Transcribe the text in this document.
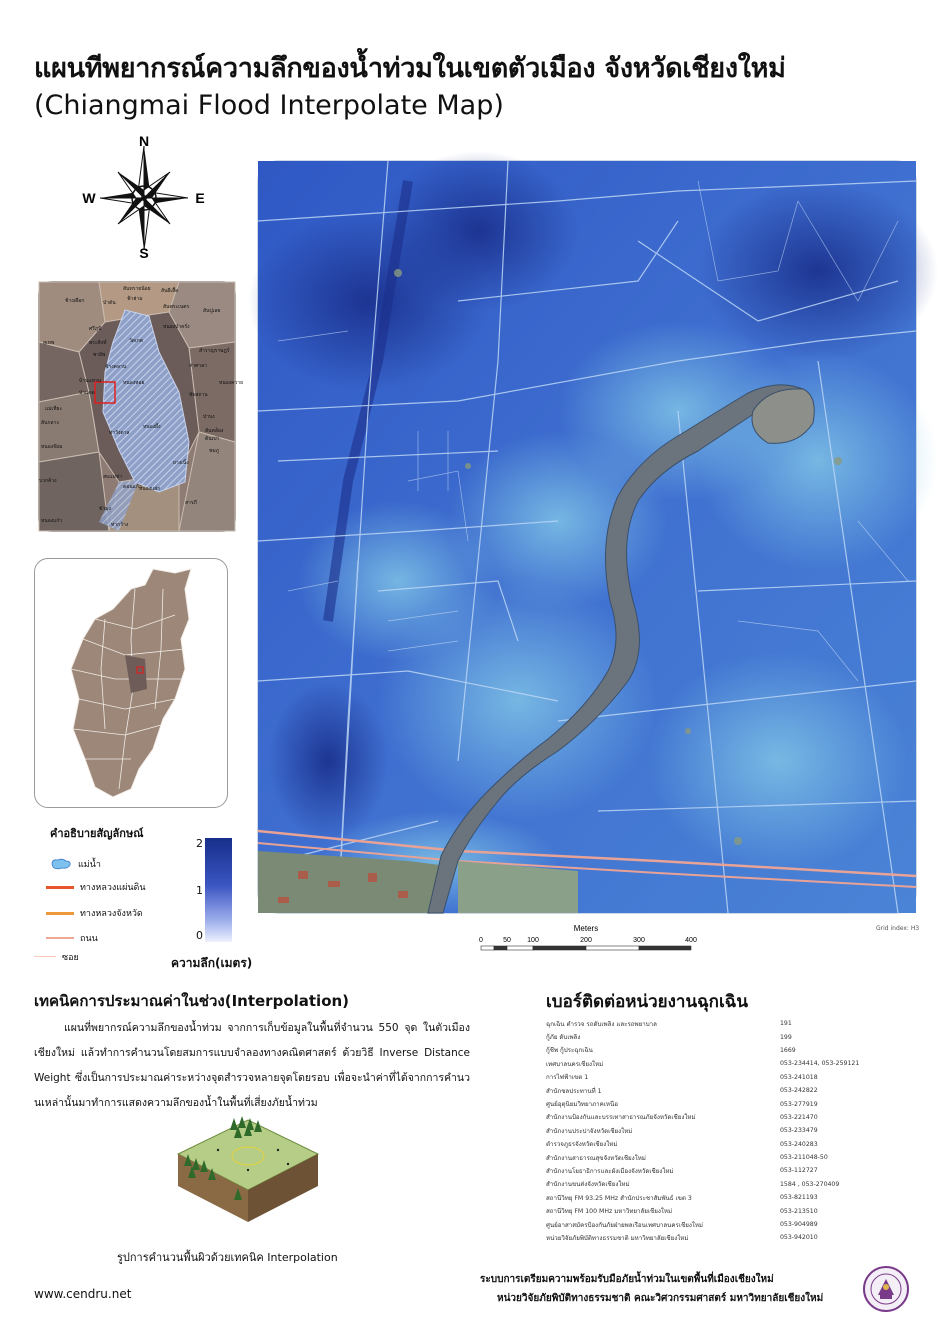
แผนทีพยากรณ์ความลึกของน้ำท่วมในเขตตัวเมือง จังหวัดเชียงใหม่
(Chiangmai Flood Interpolate Map)
N
S
E
W
ช้างเผือก	ป่าตัน
สันทรายน้อย
สันพระเนตร
สันปูเลย
ศรีภูมิ
วัดเกต
สันผีเสื้อ
ฟ้าฮ่าม
สุเทพ	พระสิงห์
หนองป่าครั่ง
ท่าศาลา
สำราญราษฎร์
ช้างคลาน
พายัพ
หนองหอย
ชัยสถาน
ป่าแดด
บ้านแหวน	หนองควาย
ท่าวังตาล
หนองผึ้ง
แม่เหียะ
สันกลาง
ยางเนิ้ง
ป่าบง
หนองจ๊อม
ขัวมุง
ชมภู
สารภี
สบแม่ข่า
ดอนแก้ว
หนองแฝก
หนองแก๋ว
ท่ากว้าง
สันคล้อง
ต้นเปา
บวกค้าง
คำอธิบายสัญลักษณ์
แม่น้ำ
ทางหลวงแผ่นดิน
ทางหลวงจังหวัด
ถนน
ซอย
2
1
0
ความลึก(เมตร)
Meters
0	50 100	200	300	400
Grid index: H3
เทคนิคการประมาณค่าในช่วง(Interpolation)
แผนที่พยากรณ์ความลึกของน้ำท่วม จากการเก็บข้อมูลในพื้นที่จำนวน 550 จุด ในตัวเมืองเชียงใหม่ แล้วทำการคำนวนโดยสมการแบบจำลองทางคณิตศาสตร์ ด้วยวิธี Inverse Distance Weight ซึ่งเป็นการประมาณค่าระหว่างจุดสำรวจหลายจุดโดยรอบ เพื่อจะนำค่าที่ได้จากการคำนวนเหล่านั้นมาทำการแสดงความลึกของน้ำในพื้นที่เสี่ยงภัยน้ำท่วม
รูปการคำนวนพื้นผิวด้วยเทคนิค Interpolation
เบอร์ติดต่อหน่วยงานฉุกเฉิน
ฉุกเฉิน ตำรวจ รถดับเพลิง และรถพยาบาล	191
กู้ภัย ดับเพลิง	199
กู้ชีพ กู้ประฉุกเฉิน	1669
เทศบาลนครเชียงใหม่	053-234414, 053-259121
การไฟฟ้าเขต 1	053-241018
สำนักชลประทานที่ 1	053-242822
ศูนย์อุตุนิยมวิทยาภาคเหนือ	053-277919
สำนักงานป้องกันและบรรเทาสาธารณภัยจังหวัดเชียงใหม่	053-221470
สำนักงานประปาจังหวัดเชียงใหม่	053-233479
ตำรวจภูธรจังหวัดเชียงใหม่	053-240283
สำนักงานสาธารณสุขจังหวัดเชียงใหม่	053-211048-50
สำนักงานโยธาธิการและผังเมืองจังหวัดเชียงใหม่	053-112727
สำนักงานขนส่งจังหวัดเชียงใหม่	1584 , 053-270409
สถานีวิทยุ FM 93.25 MHz สำนักประชาสัมพันธ์ เขต 3	053-821193
สถานีวิทยุ FM 100 MHz มหาวิทยาลัยเชียงใหม่	053-213510
ศูนย์อาสาสมัครป้องกันภัยฝ่ายพลเรือนเทศบาลนครเชียงใหม่	053-904989
หน่วยวิจัยภัยพิบัติทางธรรมชาติ มหาวิทยาลัยเชียงใหม่	053-942010
www.cendru.net
ระบบการเตรียมความพร้อมรับมือภัยน้ำท่วมในเขตพื้นที่เมืองเชียงใหม่
หน่วยวิจัยภัยพิบัติทางธรรมชาติ คณะวิศวกรรมศาสตร์ มหาวิทยาลัยเชียงใหม่
